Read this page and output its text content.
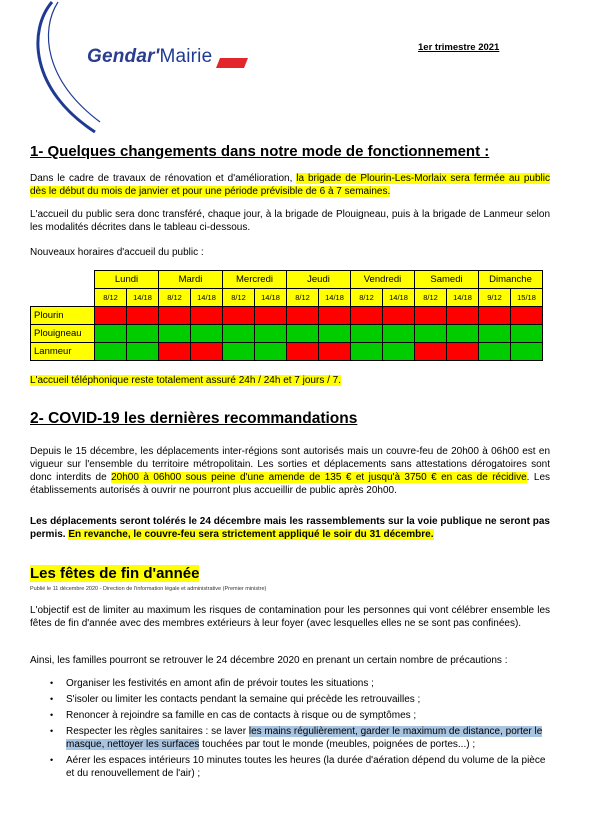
Gendar'Mairie	1er trimestre 2021
1- Quelques changements dans notre mode de fonctionnement :

Dans le cadre de travaux de rénovation et d'amélioration, la brigade de Plourin-Les-Morlaix sera fermée au public dès le début du mois de janvier et pour une période prévisible de 6 à 7 semaines.

L'accueil du public sera donc transféré, chaque jour, à la brigade de Plouigneau, puis à la brigade de Lanmeur selon les modalités décrites dans le tableau ci-dessous.

Nouveaux horaires d'accueil du public :

	Lundi		Mardi		Mercredi		Jeudi		Vendredi		Samedi		Dimanche	
	8/12	14/18	8/12	14/18	8/12	14/18	8/12	14/18	8/12	14/18	8/12	14/18	9/12	15/18
Plourin														
Plouigneau														
Lanmeur														

L'accueil téléphonique reste totalement assuré 24h / 24h et 7 jours / 7.

2- COVID-19 les dernières recommandations

Depuis le 15 décembre, les déplacements inter-régions sont autorisés mais un couvre-feu de 20h00 à 06h00 est en vigueur sur l'ensemble du territoire métropolitain. Les sorties et déplacements sans attestations dérogatoires sont donc interdits de 20h00 à 06h00 sous peine d'une amende de 135 € et jusqu'à 3750 € en cas de récidive. Les établissements autorisés à ouvrir ne pourront plus accueillir de public après 20h00.

Les déplacements seront tolérés le 24 décembre mais les rassemblements sur la voie publique ne seront pas permis. En revanche, le couvre-feu sera strictement appliqué le soir du 31 décembre.

Les fêtes de fin d'année
Publié le 11 décembre 2020 - Direction de l'information légale et administrative (Premier ministre)

L'objectif est de limiter au maximum les risques de contamination pour les personnes qui vont célébrer ensemble les fêtes de fin d'année avec des membres extérieurs à leur foyer (avec lesquelles elles ne se sont pas confinées).

Ainsi, les familles pourront se retrouver le 24 décembre 2020 en prenant un certain nombre de précautions :

• Organiser les festivités en amont afin de prévoir toutes les situations ;
• S'isoler ou limiter les contacts pendant la semaine qui précède les retrouvailles ;
• Renoncer à rejoindre sa famille en cas de contacts à risque ou de symptômes ;
• Respecter les règles sanitaires : se laver les mains régulièrement, garder le maximum de distance, porter le masque, nettoyer les surfaces touchées par tout le monde (meubles, poignées de portes...) ;
• Aérer les espaces intérieurs 10 minutes toutes les heures (la durée d'aération dépend du volume de la pièce et du renouvellement de l'air) ;
